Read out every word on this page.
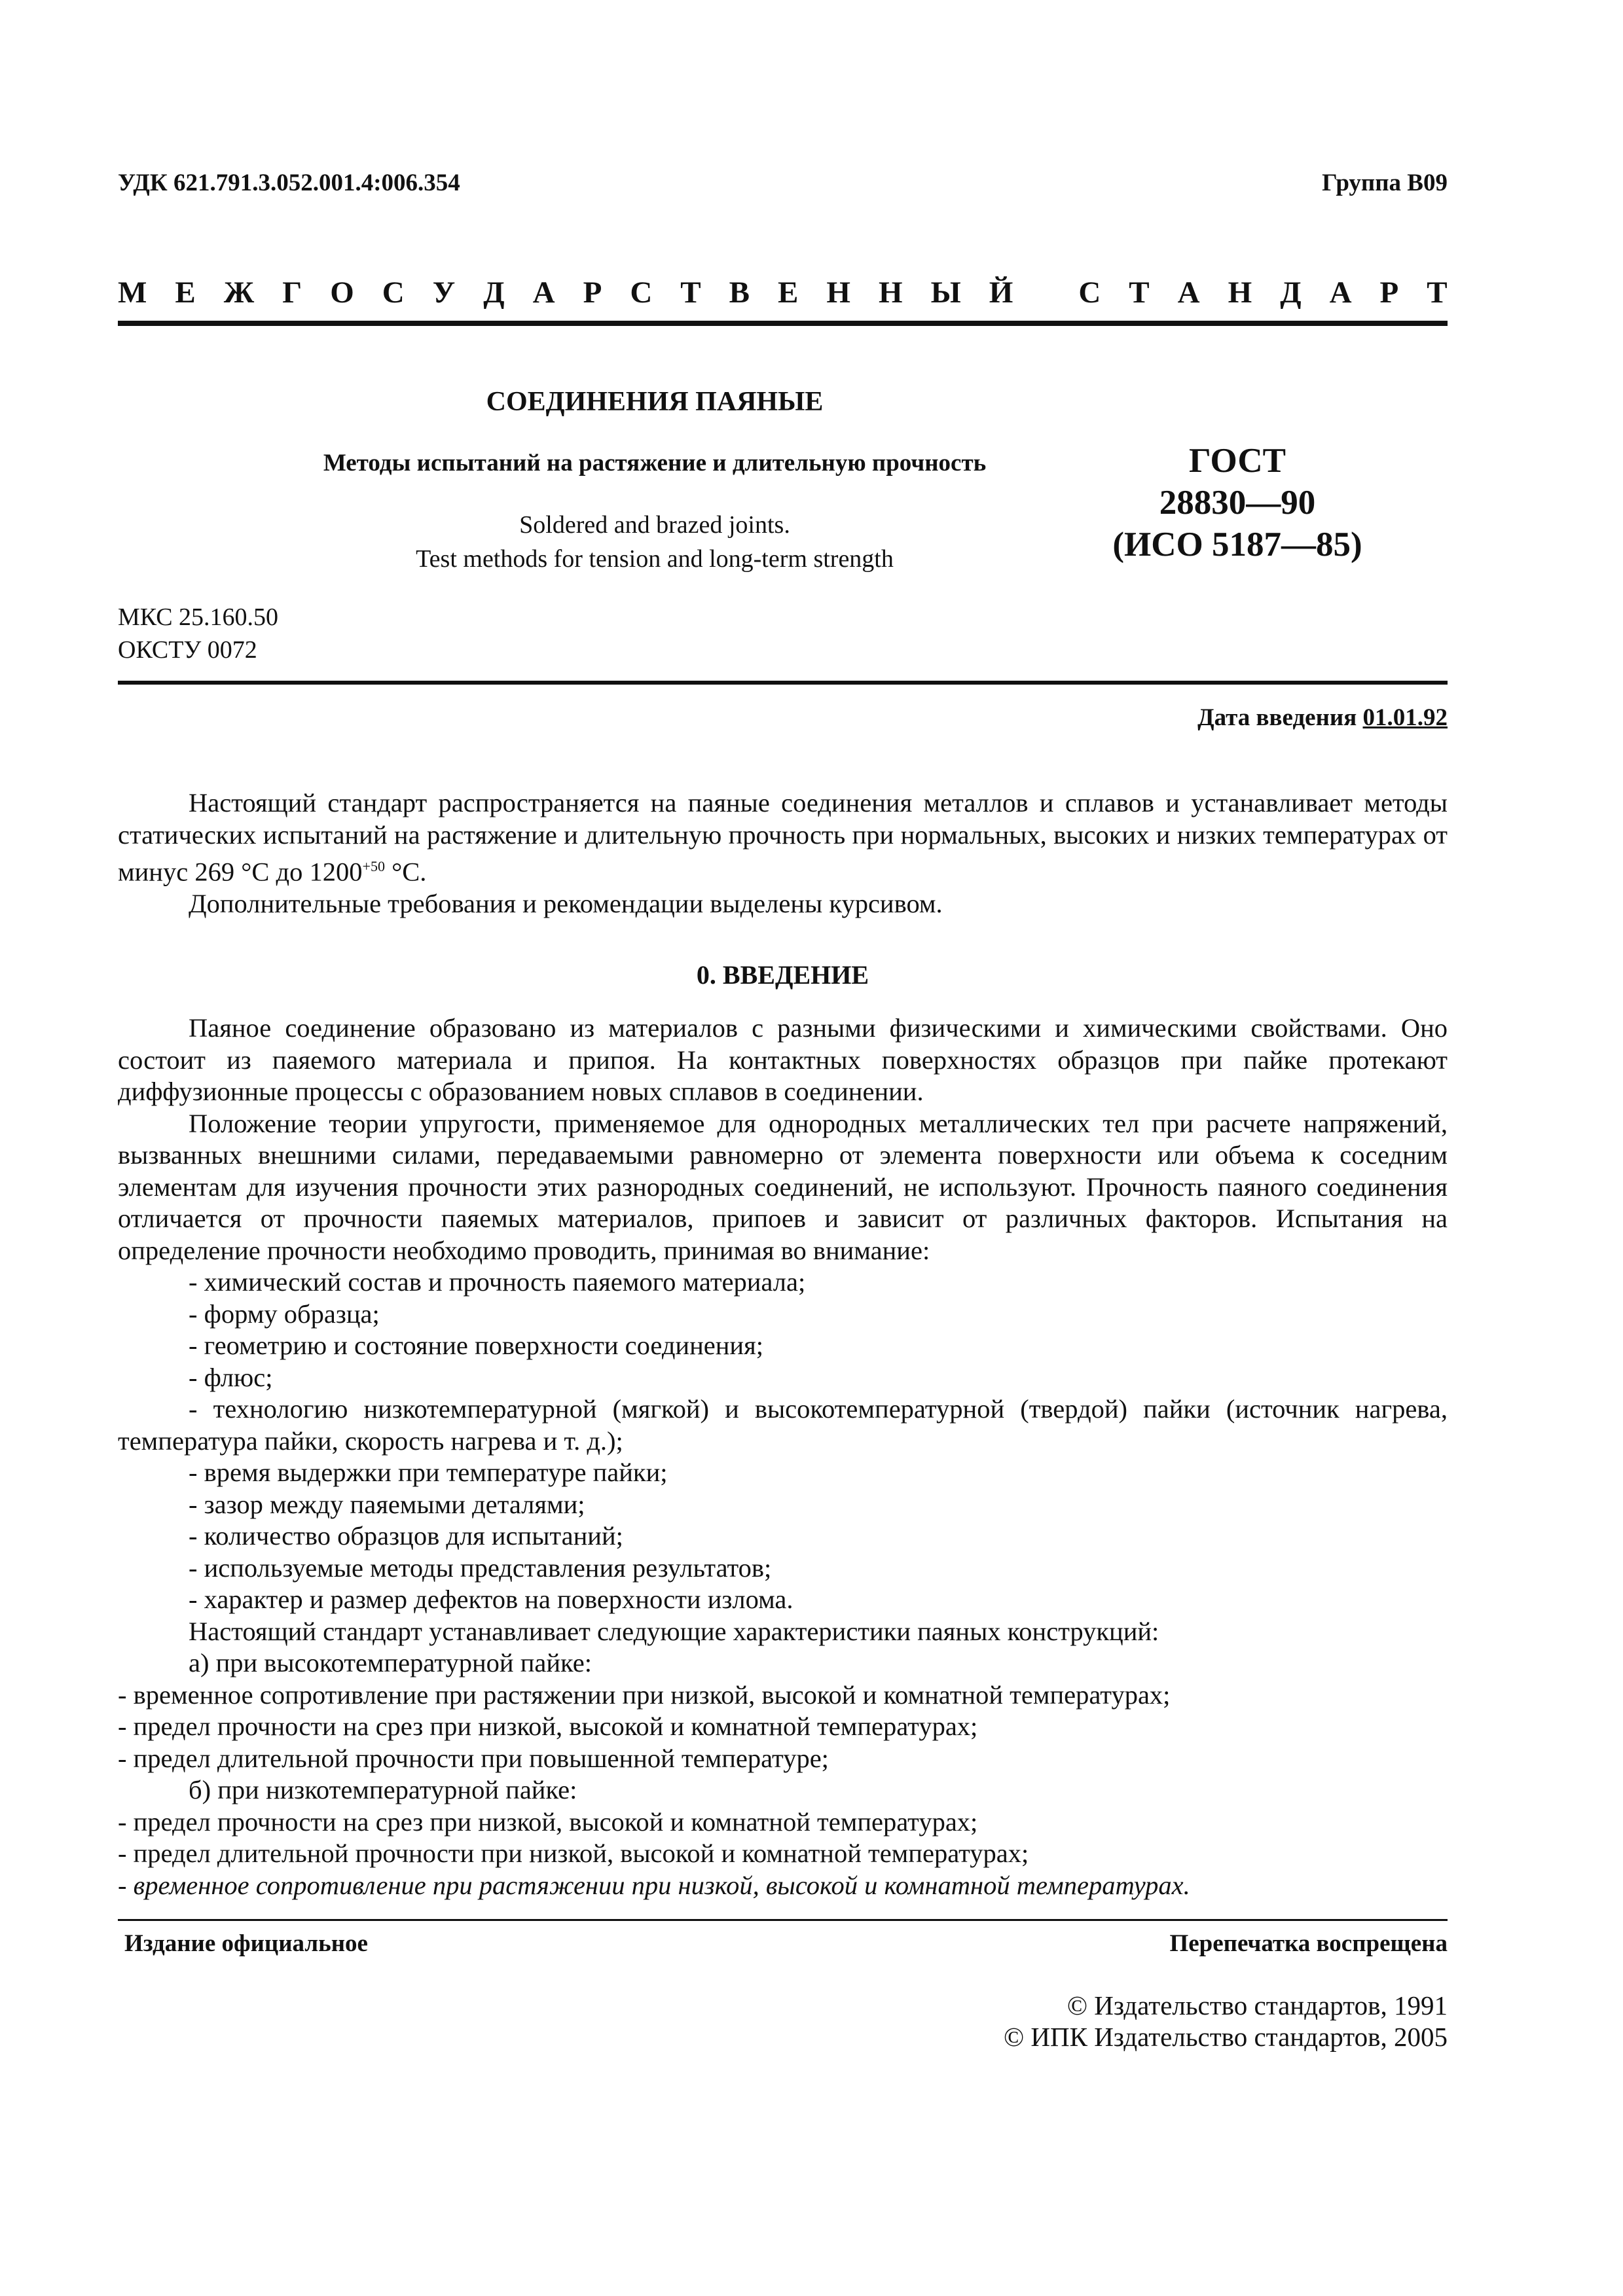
УДК 621.791.3.052.001.4:006.354	Группа В09
М Е Ж Г О С У Д А Р С Т В Е Н Н Ы Й С Т А Н Д А Р Т
СОЕДИНЕНИЯ ПАЯНЫЕ
Методы испытаний на растяжение и длительную прочность
Soldered and brazed joints.
Test methods for tension and long-term strength
ГОСТ
28830—90
(ИСО 5187—85)
МКС 25.160.50
ОКСТУ 0072
Дата введения 01.01.92

Настоящий стандарт распространяется на паяные соединения металлов и сплавов и устанавливает методы статических испытаний на растяжение и длительную прочность при нормальных, высоких и низких температурах от минус 269 °С до $1200^{+50}$ °С.

Дополнительные требования и рекомендации выделены курсивом.

0. ВВЕДЕНИЕ

Паяное соединение образовано из материалов с разными физическими и химическими свойствами. Оно состоит из паяемого материала и припоя. На контактных поверхностях образцов при пайке протекают диффузионные процессы с образованием новых сплавов в соединении.

Положение теории упругости, применяемое для однородных металлических тел при расчете напряжений, вызванных внешними силами, передаваемыми равномерно от элемента поверхности или объема к соседним элементам для изучения прочности этих разнородных соединений, не используют. Прочность паяного соединения отличается от прочности паяемых материалов, припоев и зависит от различных факторов. Испытания на определение прочности необходимо проводить, принимая во внимание:

- химический состав и прочность паяемого материала;

- форму образца;

- геометрию и состояние поверхности соединения;

- флюс;

- технологию низкотемпературной (мягкой) и высокотемпературной (твердой) пайки (источник нагрева, температура пайки, скорость нагрева и т. д.);

- время выдержки при температуре пайки;

- зазор между паяемыми деталями;

- количество образцов для испытаний;

- используемые методы представления результатов;

- характер и размер дефектов на поверхности излома.

Настоящий стандарт устанавливает следующие характеристики паяных конструкций:

а) при высокотемпературной пайке:

- временное сопротивление при растяжении при низкой, высокой и комнатной температурах;

- предел прочности на срез при низкой, высокой и комнатной температурах;

- предел длительной прочности при повышенной температуре;

б) при низкотемпературной пайке:

- предел прочности на срез при низкой, высокой и комнатной температурах;

- предел длительной прочности при низкой, высокой и комнатной температурах;

- временное сопротивление при растяжении при низкой, высокой и комнатной температурах.

Издание официальное	Перепечатка воспрещена
© Издательство стандартов, 1991
© ИПК Издательство стандартов, 2005
